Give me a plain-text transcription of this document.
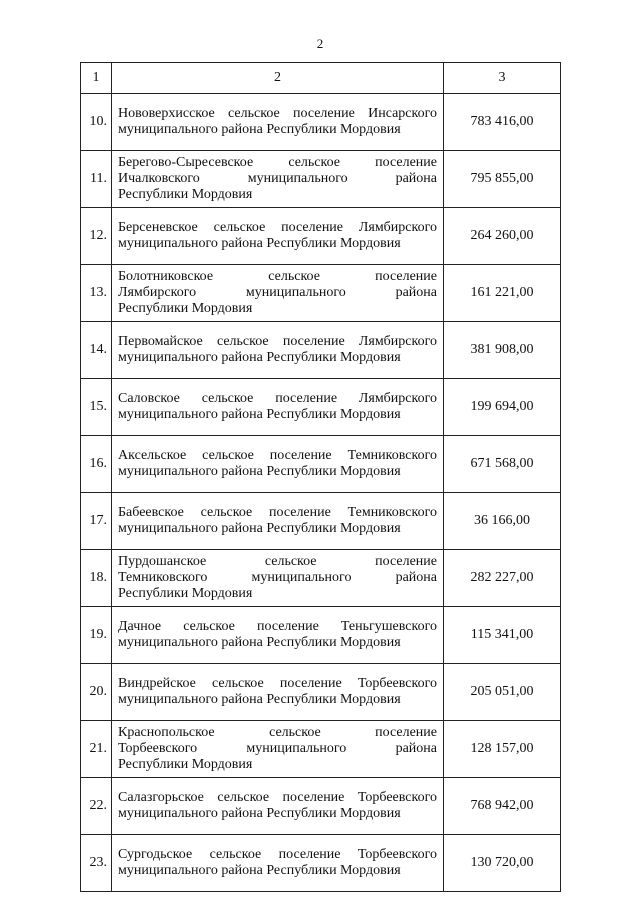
2
1	2	3
10.	Нововерхисское сельское поселение Инсарского
муниципального района Республики Мордовия	783 416,00
11.	Берегово-Сыресевское сельское поселение
Ичалковского муниципального района
Республики Мордовия	795 855,00
12.	Берсеневское сельское поселение Лямбирского
муниципального района Республики Мордовия	264 260,00
13.	Болотниковское сельское поселение
Лямбирского муниципального района
Республики Мордовия	161 221,00
14.	Первомайское сельское поселение Лямбирского
муниципального района Республики Мордовия	381 908,00
15.	Саловское сельское поселение Лямбирского
муниципального района Республики Мордовия	199 694,00
16.	Аксельское сельское поселение Темниковского
муниципального района Республики Мордовия	671 568,00
17.	Бабеевское сельское поселение Темниковского
муниципального района Республики Мордовия	36 166,00
18.	Пурдошанское сельское поселение
Темниковского муниципального района
Республики Мордовия	282 227,00
19.	Дачное сельское поселение Теньгушевского
муниципального района Республики Мордовия	115 341,00
20.	Виндрейское сельское поселение Торбеевского
муниципального района Республики Мордовия	205 051,00
21.	Краснопольское сельское поселение
Торбеевского муниципального района
Республики Мордовия	128 157,00
22.	Салазгорьское сельское поселение Торбеевского
муниципального района Республики Мордовия	768 942,00
23.	Сургодьское сельское поселение Торбеевского
муниципального района Республики Мордовия	130 720,00
